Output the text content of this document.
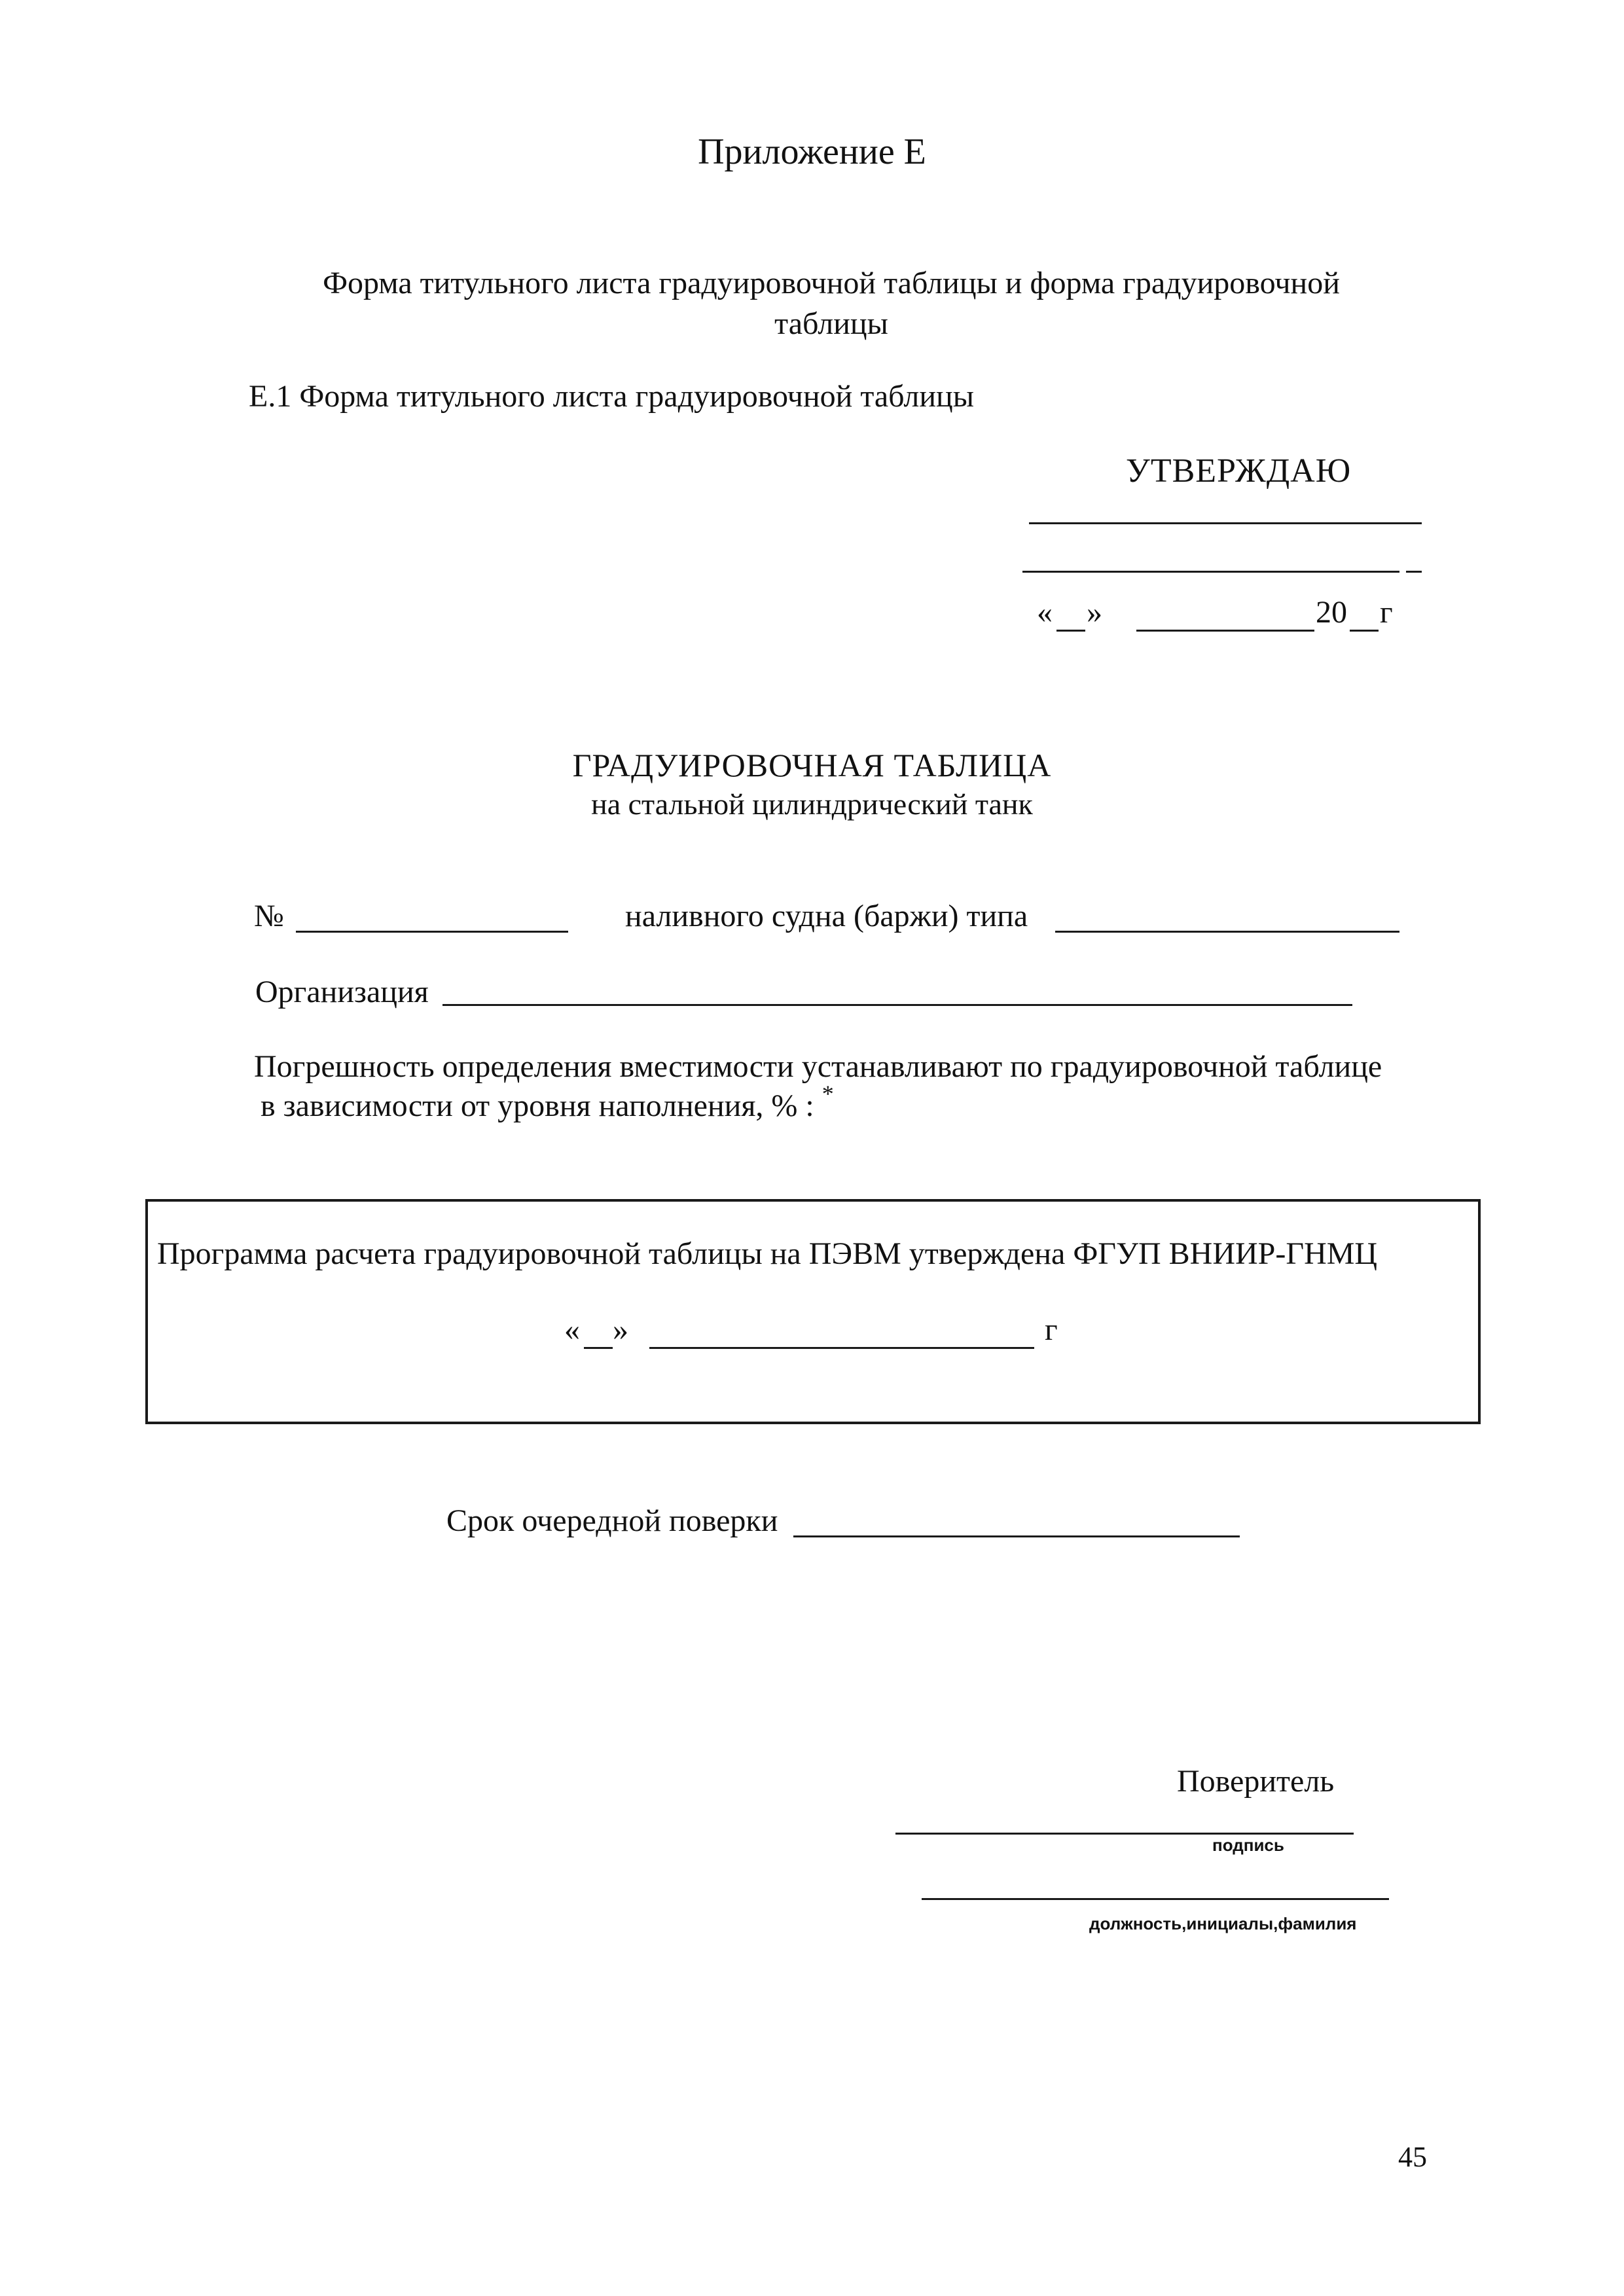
Приложение Е
Форма титульного листа градуировочной таблицы и форма градуировочной
таблицы
Е.1 Форма титульного листа градуировочной таблицы
УТВЕРЖДАЮ
« »	20 г
ГРАДУИРОВОЧНАЯ ТАБЛИЦА
на стальной цилиндрический танк
№	наливного судна (баржи) типа
Организация
Погрешность определения вместимости устанавливают по градуировочной таблице
в зависимости от уровня наполнения, % : *
Программа расчета градуировочной таблицы на ПЭВМ утверждена ФГУП ВНИИР-ГНМЦ
« »	г
Срок очередной поверки
Поверитель
подпись
должность,инициалы,фамилия
45
